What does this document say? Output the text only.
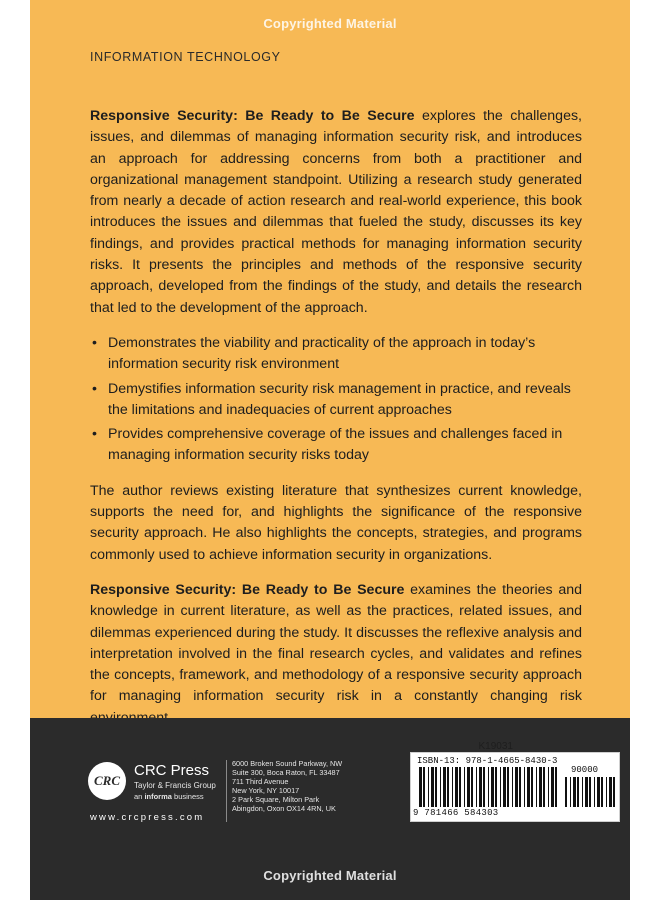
Copyrighted Material
INFORMATION TECHNOLOGY

Responsive Security: Be Ready to Be Secure explores the challenges, issues, and dilemmas of managing information security risk, and introduces an approach for addressing concerns from both a practitioner and organizational management standpoint. Utilizing a research study generated from nearly a decade of action research and real-world experience, this book introduces the issues and dilemmas that fueled the study, discusses its key findings, and provides practical methods for managing information security risks. It presents the principles and methods of the responsive security approach, developed from the findings of the study, and details the research that led to the development of the approach.

• Demonstrates the viability and practicality of the approach in today’s information security risk environment
• Demystifies information security risk management in practice, and reveals the limitations and inadequacies of current approaches
• Provides comprehensive coverage of the issues and challenges faced in managing information security risks today

The author reviews existing literature that synthesizes current knowledge, supports the need for, and highlights the significance of the responsive security approach. He also highlights the concepts, strategies, and programs commonly used to achieve information security in organizations.

Responsive Security: Be Ready to Be Secure examines the theories and knowledge in current literature, as well as the practices, related issues, and dilemmas experienced during the study. It discusses the reflexive analysis and interpretation involved in the final research cycles, and validates and refines the concepts, framework, and methodology of a responsive security approach for managing information security risk in a constantly changing risk

K19031
ISBN-13: 978-1-4665-8430-3
90000
9 781466 584303
CRC
CRC Press
Taylor & Francis Group
an informa business
6000 Broken Sound Parkway, NW
Suite 300, Boca Raton, FL 33487
711 Third Avenue
New York, NY 10017
2 Park Square, Milton Park
Abingdon, Oxon OX14 4RN, UK
www.crcpress.com
Copyrighted Material
